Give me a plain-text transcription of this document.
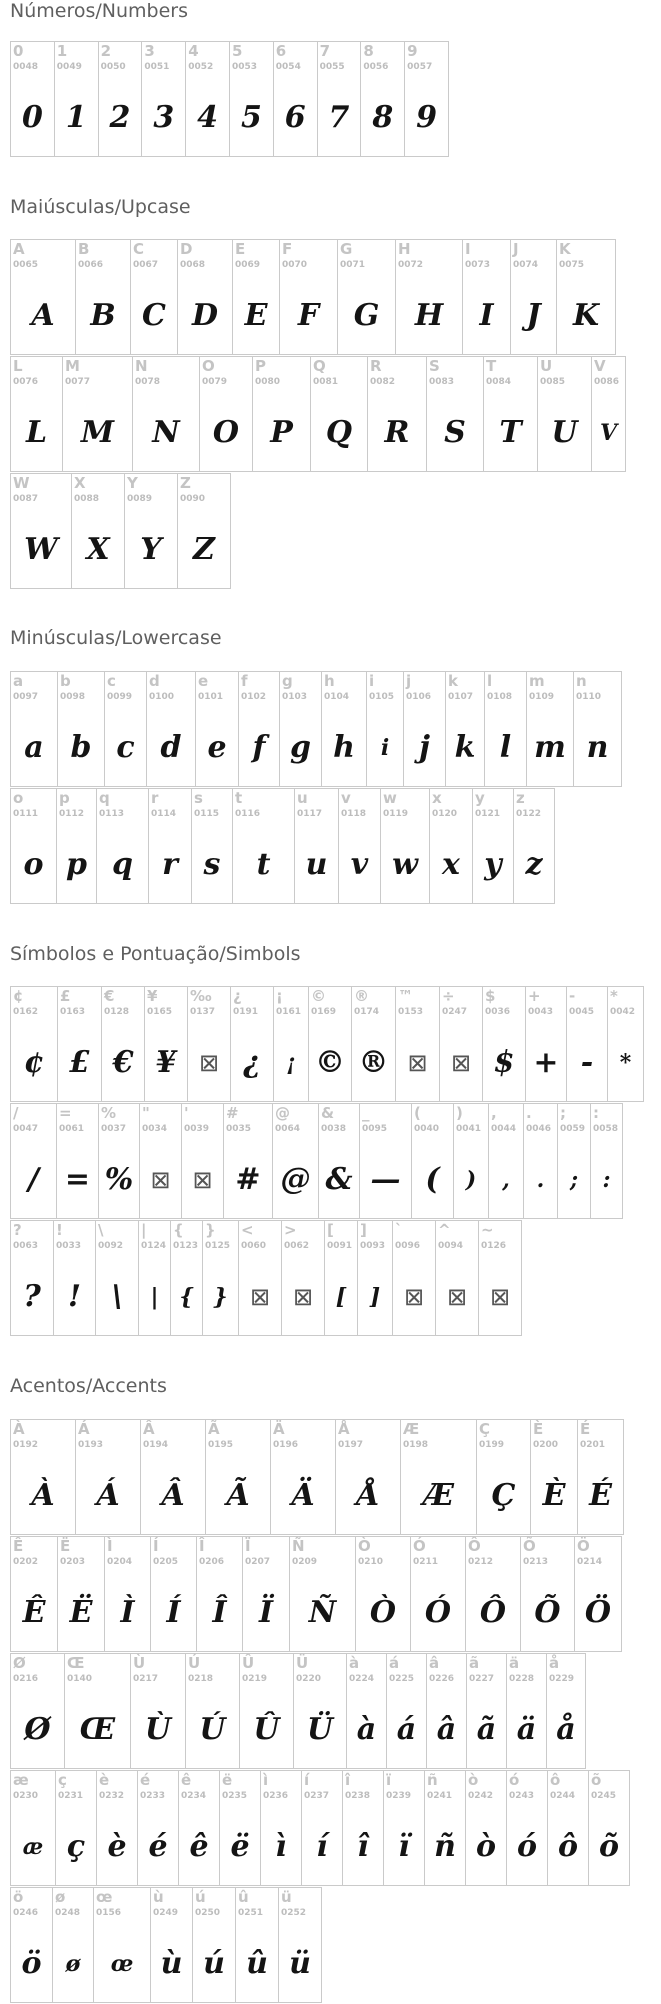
Números/Numbers
Maiúsculas/Upcase
Minúsculas/Lowercase
Símbolos e Pontuação/Simbols
Acentos/Accents
0
0048
0
1
0049
1
2
0050
2
3
0051
3
4
0052
4
5
0053
5
6
0054
6
7
0055
7
8
0056
8
9
0057
9
A
0065
A
B
0066
B
C
0067
C
D
0068
D
E
0069
E
F
0070
F
G
0071
G
H
0072
H
I
0073
I
J
0074
J
K
0075
K
L
0076
L
M
0077
M
N
0078
N
O
0079
O
P
0080
P
Q
0081
Q
R
0082
R
S
0083
S
T
0084
T
U
0085
U
V
0086
V
W
0087
W
X
0088
X
Y
0089
Y
Z
0090
Z
a
0097
a
b
0098
b
c
0099
c
d
0100
d
e
0101
e
f
0102
f
g
0103
g
h
0104
h
i
0105
i
j
0106
j
k
0107
k
l
0108
l
m
0109
m
n
0110
n
o
0111
o
p
0112
p
q
0113
q
r
0114
r
s
0115
s
t
0116
t
u
0117
u
v
0118
v
w
0119
w
x
0120
x
y
0121
y
z
0122
z
¢
0162
¢
£
0163
£
€
0128
€
¥
0165
¥
‰
0137
⊠
¿
0191
¿
¡
0161
¡
©
0169
©
®
0174
®
™
0153
⊠
÷
0247
⊠
$
0036
$
+
0043
+
-
0045
-
*
0042
*
/
0047
/
=
0061
=
%
0037
%
"
0034
⊠
'
0039
⊠
#
0035
#
@
0064
@
&
0038
&
_
0095
—
(
0040
(
)
0041
)
,
0044
,
.
0046
.
;
0059
;
:
0058
:
?
0063
?
!
0033
!
\
0092
\
|
0124
|
{
0123
{
}
0125
}
<
0060
⊠
>
0062
⊠
[
0091
[
]
0093
]
`
0096
⊠
^
0094
⊠
~
0126
⊠
À
0192
À
Á
0193
Á
Â
0194
Â
Ã
0195
Ã
Ä
0196
Ä
Å
0197
Å
Æ
0198
Æ
Ç
0199
Ç
È
0200
È
É
0201
É
Ê
0202
Ê
Ë
0203
Ë
Ì
0204
Ì
Í
0205
Í
Î
0206
Î
Ï
0207
Ï
Ñ
0209
Ñ
Ò
0210
Ò
Ó
0211
Ó
Ô
0212
Ô
Õ
0213
Õ
Ö
0214
Ö
Ø
0216
Ø
Œ
0140
Œ
Ù
0217
Ù
Ú
0218
Ú
Û
0219
Û
Ü
0220
Ü
à
0224
à
á
0225
á
â
0226
â
ã
0227
ã
ä
0228
ä
å
0229
å
æ
0230
æ
ç
0231
ç
è
0232
è
é
0233
é
ê
0234
ê
ë
0235
ë
ì
0236
ì
í
0237
í
î
0238
î
ï
0239
ï
ñ
0241
ñ
ò
0242
ò
ó
0243
ó
ô
0244
ô
õ
0245
õ
ö
0246
ö
ø
0248
ø
œ
0156
œ
ù
0249
ù
ú
0250
ú
û
0251
û
ü
0252
ü
